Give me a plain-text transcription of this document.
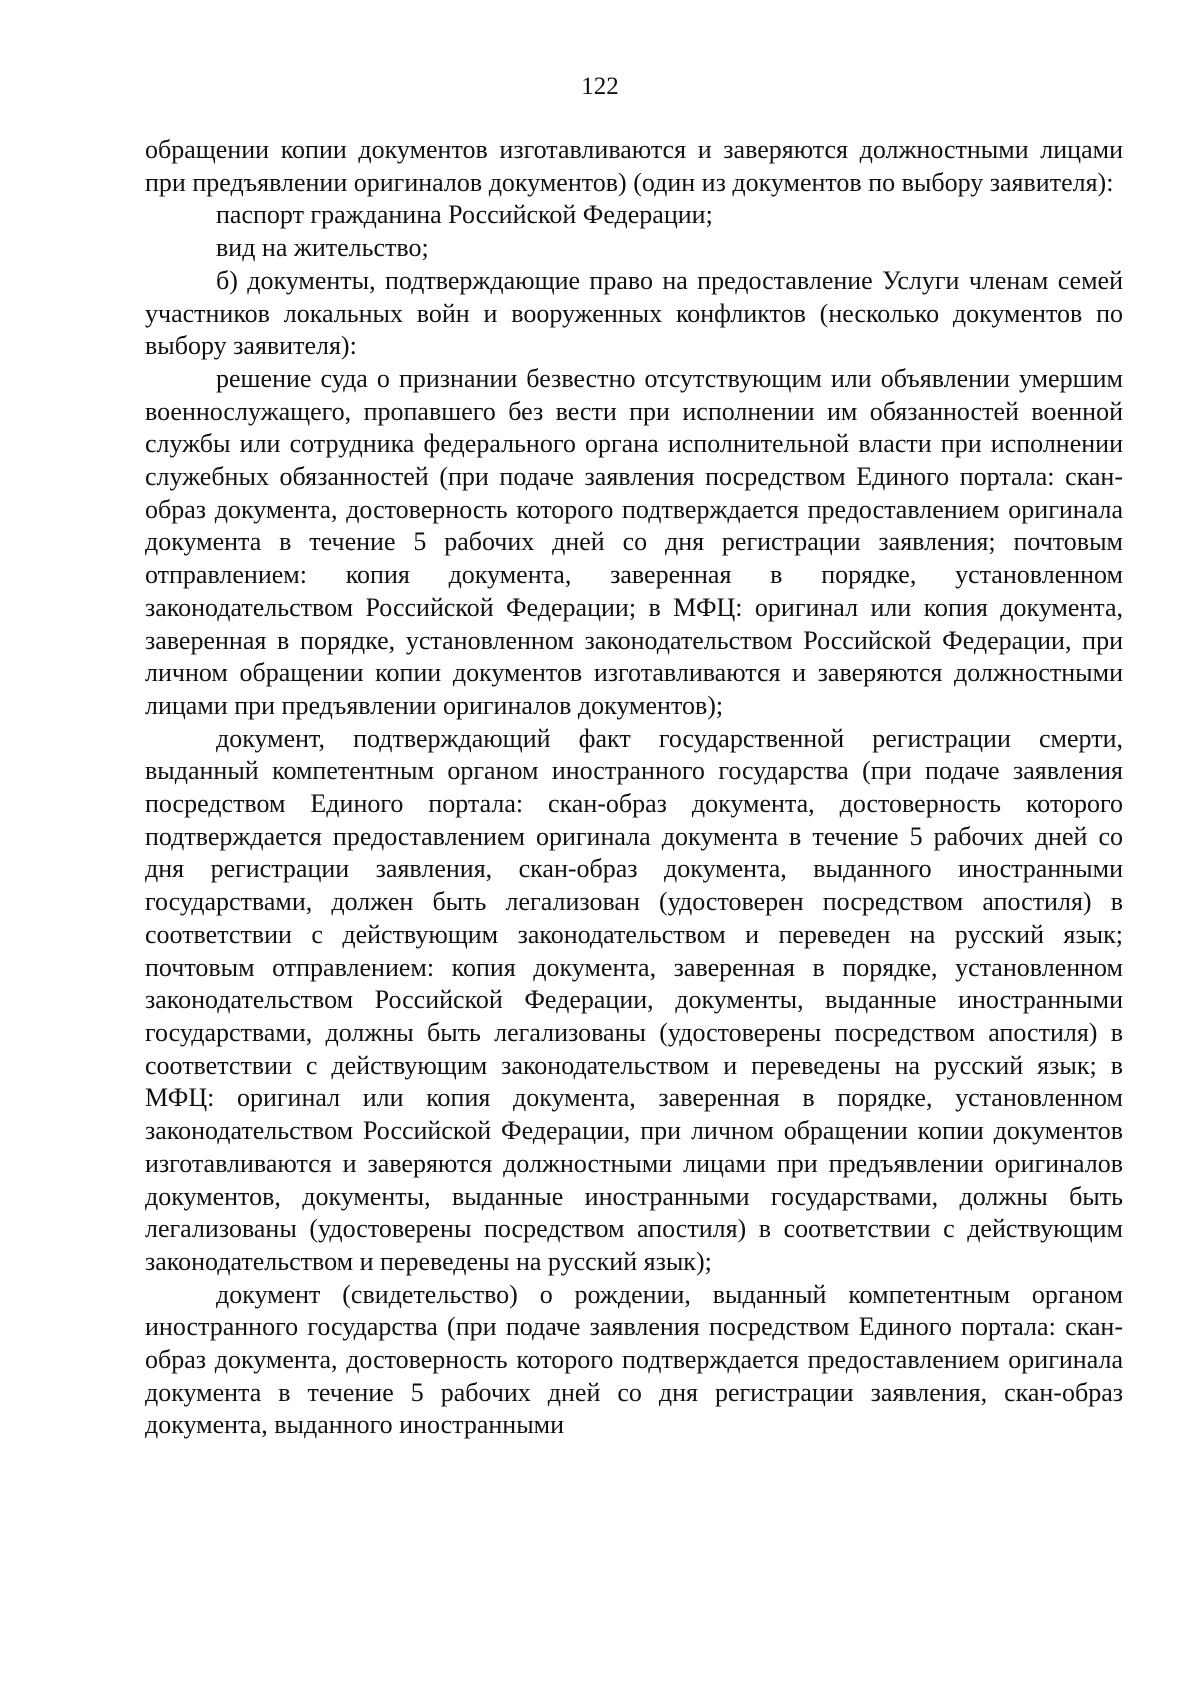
122

обращении копии документов изготавливаются и заверяются должностными лицами при предъявлении оригиналов документов) (один из документов по выбору заявителя):

паспорт гражданина Российской Федерации;

вид на жительство;

б) документы, подтверждающие право на предоставление Услуги членам семей участников локальных войн и вооруженных конфликтов (несколько документов по выбору заявителя):

решение суда о признании безвестно отсутствующим или объявлении умершим военнослужащего, пропавшего без вести при исполнении им обязанностей военной службы или сотрудника федерального органа исполнительной власти при исполнении служебных обязанностей (при подаче заявления посредством Единого портала: скан-образ документа, достоверность которого подтверждается предоставлением оригинала документа в течение 5 рабочих дней со дня регистрации заявления; почтовым отправлением: копия документа, заверенная в порядке, установленном законодательством Российской Федерации; в МФЦ: оригинал или копия документа, заверенная в порядке, установленном законодательством Российской Федерации, при личном обращении копии документов изготавливаются и заверяются должностными лицами при предъявлении оригиналов документов);

документ, подтверждающий факт государственной регистрации смерти, выданный компетентным органом иностранного государства (при подаче заявления посредством Единого портала: скан-образ документа, достоверность которого подтверждается предоставлением оригинала документа в течение 5 рабочих дней со дня регистрации заявления, скан-образ документа, выданного иностранными государствами, должен быть легализован (удостоверен посредством апостиля) в соответствии с действующим законодательством и переведен на русский язык; почтовым отправлением: копия документа, заверенная в порядке, установленном законодательством Российской Федерации, документы, выданные иностранными государствами, должны быть легализованы (удостоверены посредством апостиля) в соответствии с действующим законодательством и переведены на русский язык; в МФЦ: оригинал или копия документа, заверенная в порядке, установленном законодательством Российской Федерации, при личном обращении копии документов изготавливаются и заверяются должностными лицами при предъявлении оригиналов документов, документы, выданные иностранными государствами, должны быть легализованы (удостоверены посредством апостиля) в соответствии с действующим законодательством и переведены на русский язык);

документ (свидетельство) о рождении, выданный компетентным органом иностранного государства (при подаче заявления посредством Единого портала: скан-образ документа, достоверность которого подтверждается предоставлением оригинала документа в течение 5 рабочих дней со дня регистрации заявления, скан-образ документа, выданного иностранными
